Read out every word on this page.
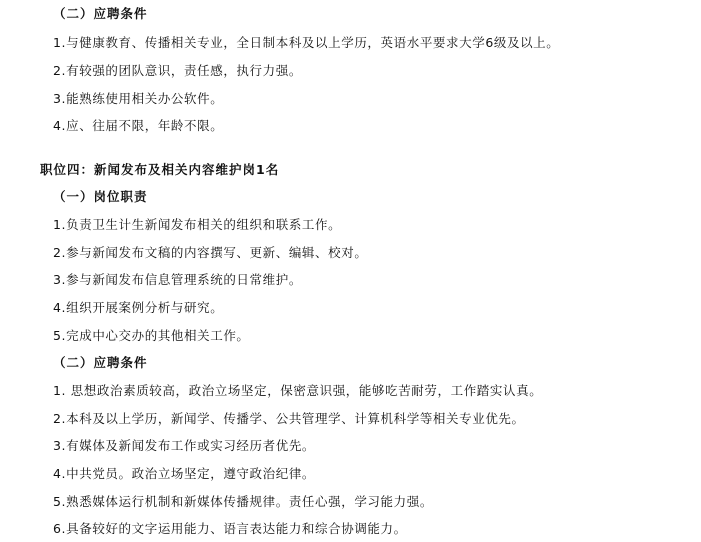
（二）应聘条件
1.与健康教育、传播相关专业，全日制本科及以上学历，英语水平要求大学6级及以上。
2.有较强的团队意识，责任感，执行力强。
3.能熟练使用相关办公软件。
4.应、往届不限，年龄不限。
职位四：新闻发布及相关内容维护岗1名
（一）岗位职责
1.负责卫生计生新闻发布相关的组织和联系工作。
2.参与新闻发布文稿的内容撰写、更新、编辑、校对。
3.参与新闻发布信息管理系统的日常维护。
4.组织开展案例分析与研究。
5.完成中心交办的其他相关工作。
（二）应聘条件
1. 思想政治素质较高，政治立场坚定，保密意识强，能够吃苦耐劳，工作踏实认真。
2.本科及以上学历，新闻学、传播学、公共管理学、计算机科学等相关专业优先。
3.有媒体及新闻发布工作或实习经历者优先。
4.中共党员。政治立场坚定，遵守政治纪律。
5.熟悉媒体运行机制和新媒体传播规律。责任心强，学习能力强。
6.具备较好的文字运用能力、语言表达能力和综合协调能力。
